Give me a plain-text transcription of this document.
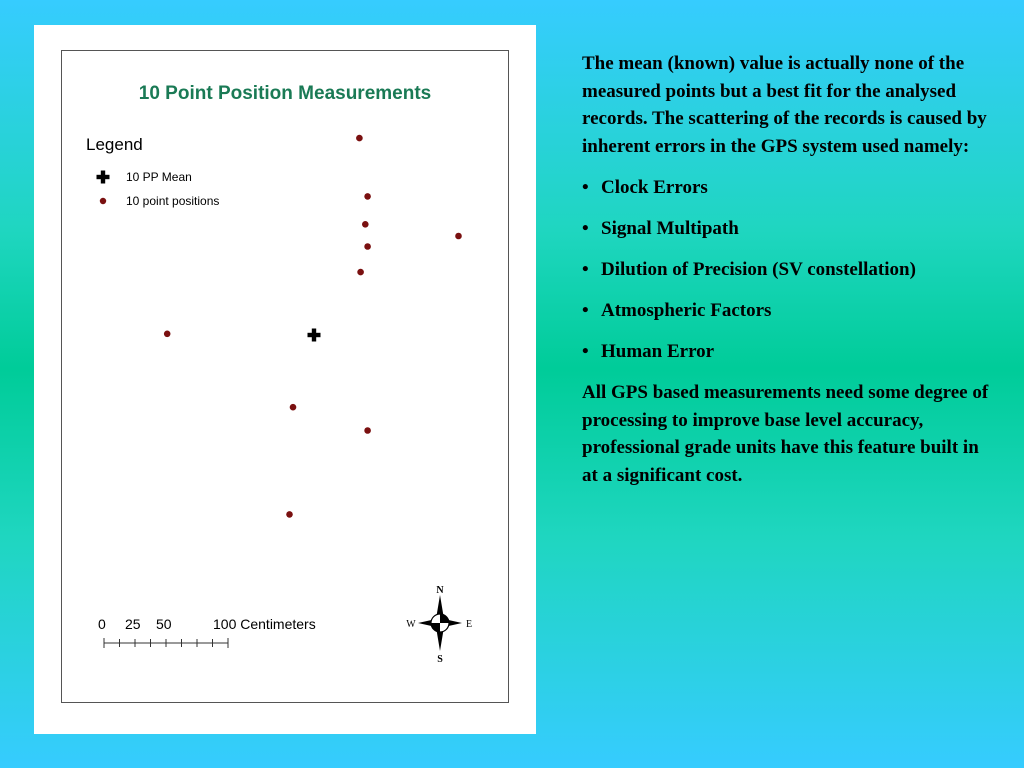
10 Point Position Measurements
Legend
10 PP Mean
10 point positions
0 25 50	100 Centimeters
N
S
W	E

The mean (known) value is actually none of the measured points but a best fit for the analysed records. The scattering of the records is caused by inherent errors in the GPS system used namely:

• Clock Errors
• Signal Multipath
• Dilution of Precision (SV constellation)
• Atmospheric Factors
• Human Error

All GPS based measurements need some degree of processing to improve base level accuracy, professional grade units have this feature built in at a significant cost.
